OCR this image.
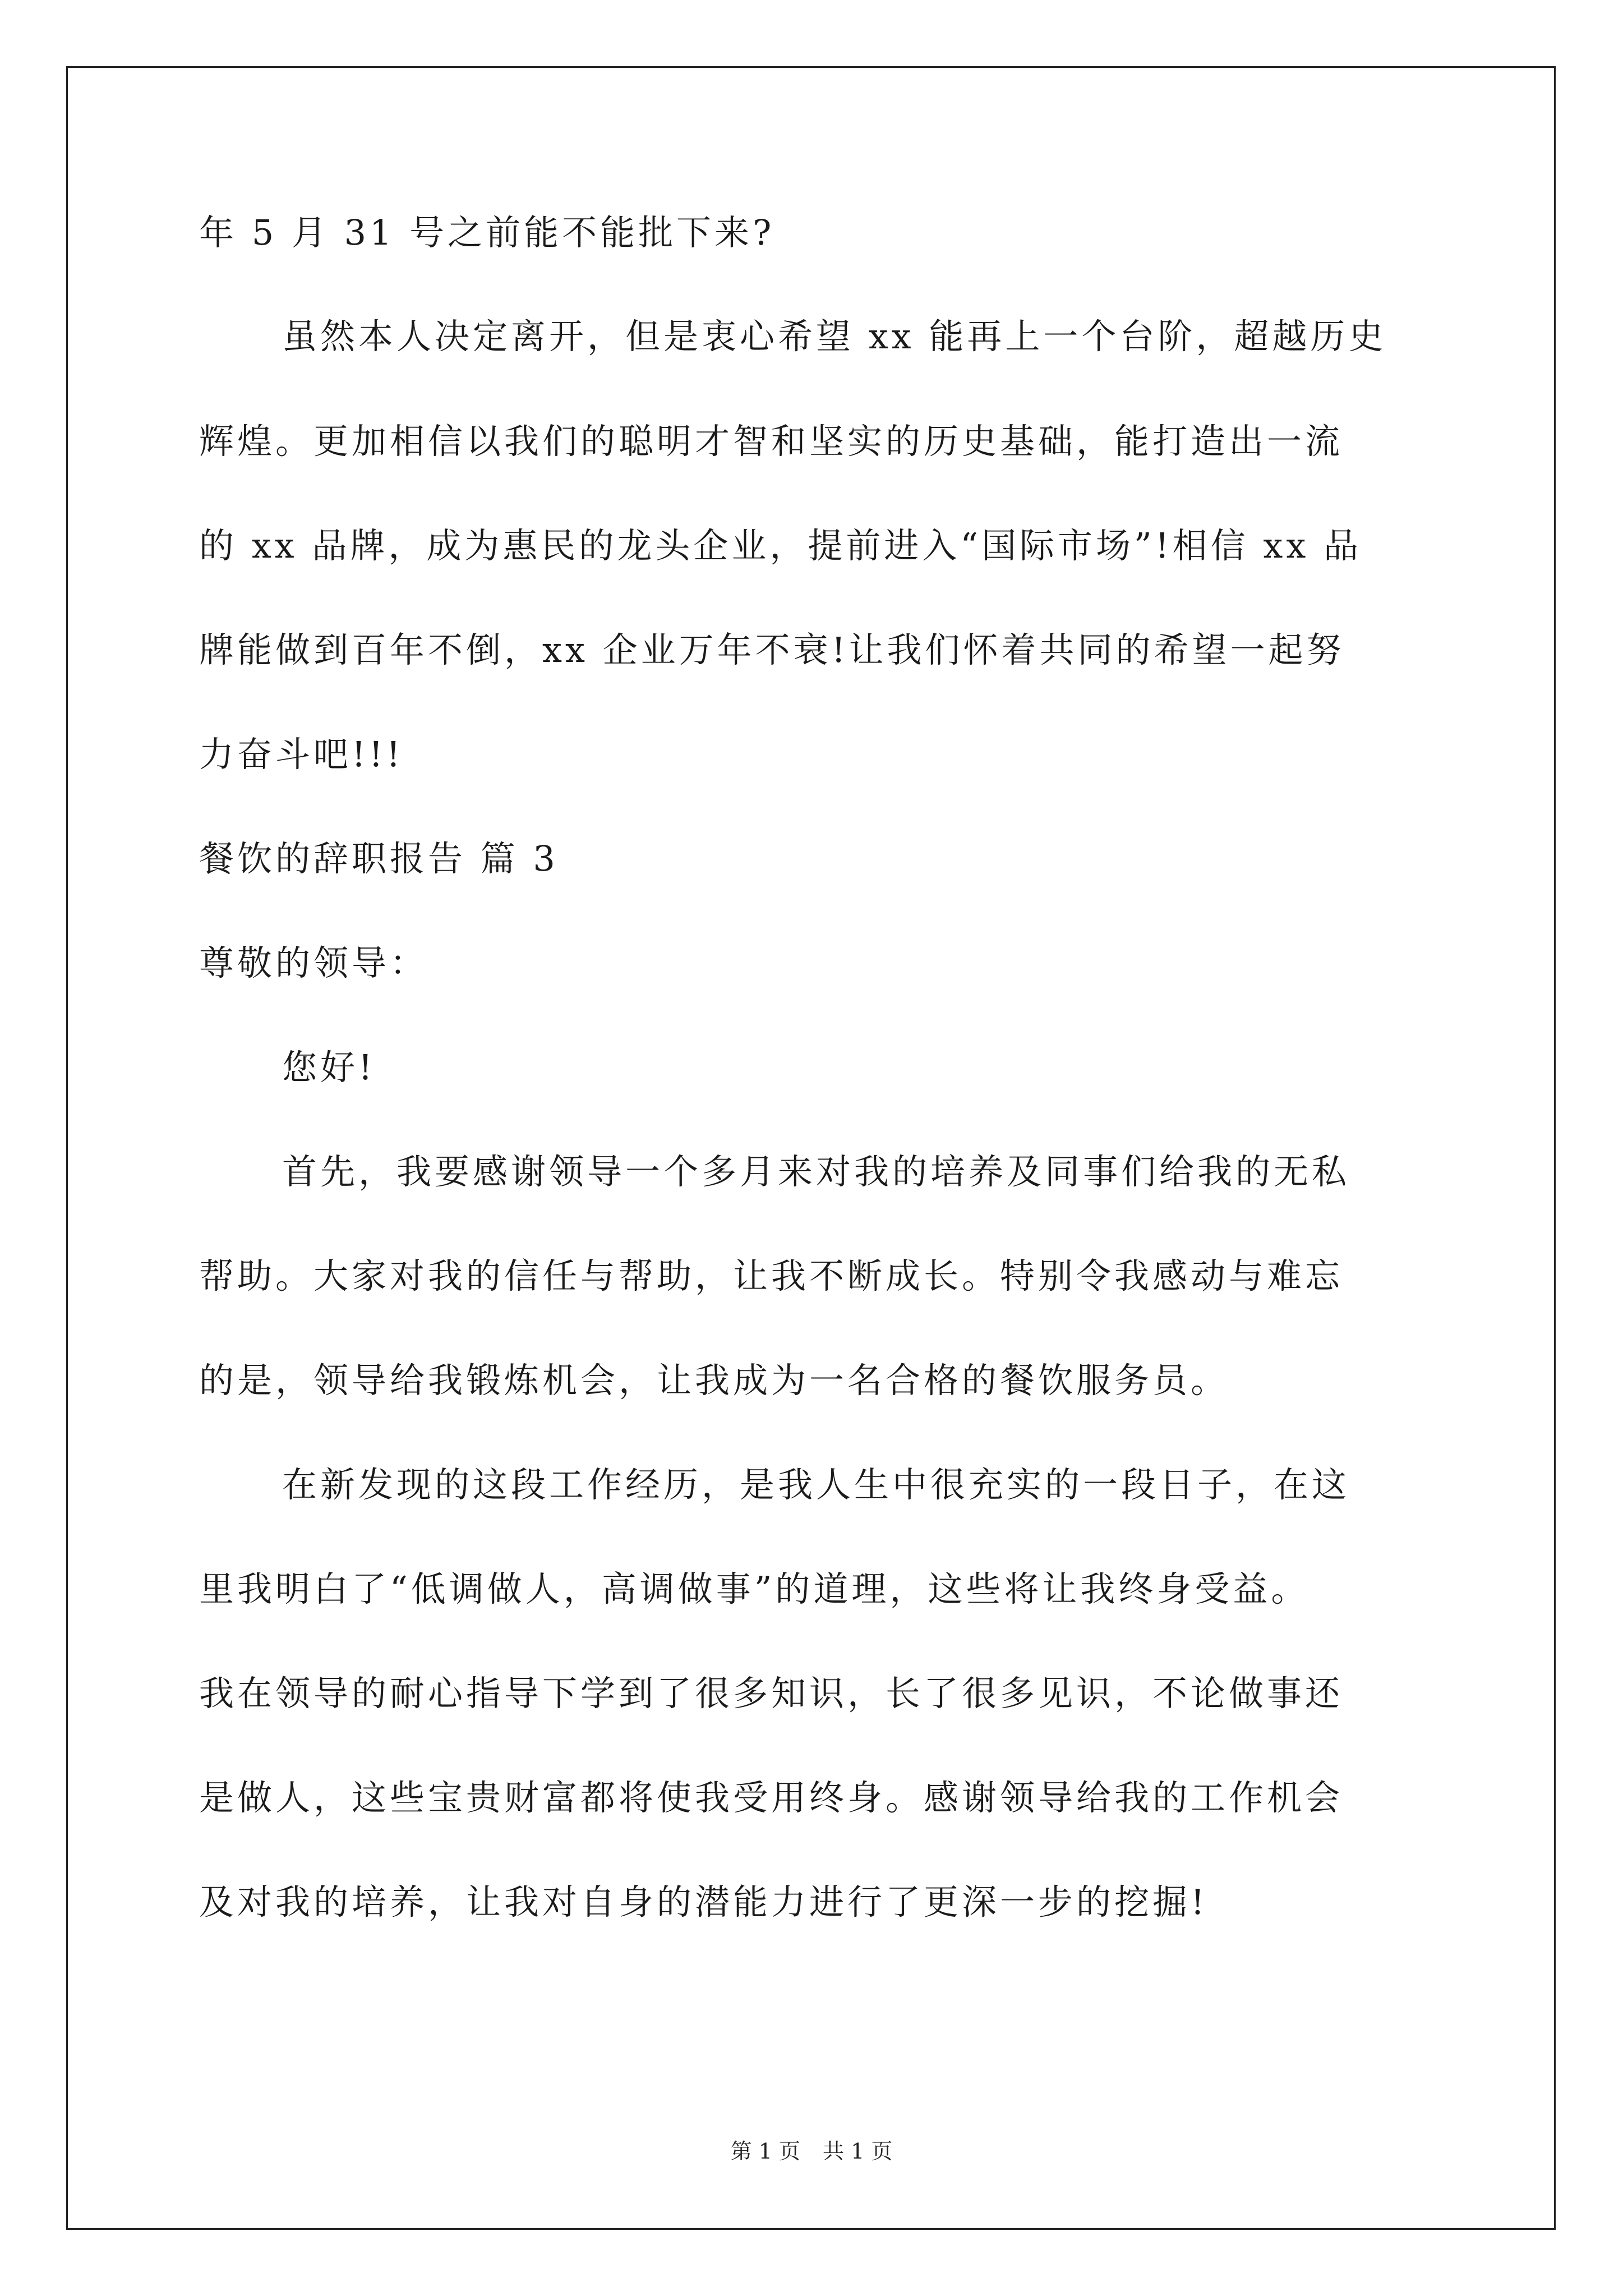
年 5 月 31 号之前能不能批下来?
虽然本人决定离开，但是衷心希望 xx 能再上一个台阶，超越历史
辉煌。更加相信以我们的聪明才智和坚实的历史基础，能打造出一流
的 xx 品牌，成为惠民的龙头企业，提前进入“国际市场”!相信 xx 品
牌能做到百年不倒，xx 企业万年不衰!让我们怀着共同的希望一起努
力奋斗吧!!!
餐饮的辞职报告 篇 3
尊敬的领导：
您好!
首先，我要感谢领导一个多月来对我的培养及同事们给我的无私
帮助。大家对我的信任与帮助，让我不断成长。特别令我感动与难忘
的是，领导给我锻炼机会，让我成为一名合格的餐饮服务员。
在新发现的这段工作经历，是我人生中很充实的一段日子，在这
里我明白了“低调做人，高调做事”的道理，这些将让我终身受益。
我在领导的耐心指导下学到了很多知识，长了很多见识，不论做事还
是做人，这些宝贵财富都将使我受用终身。感谢领导给我的工作机会
及对我的培养，让我对自身的潜能力进行了更深一步的挖掘!
第 1 页 共 1 页
